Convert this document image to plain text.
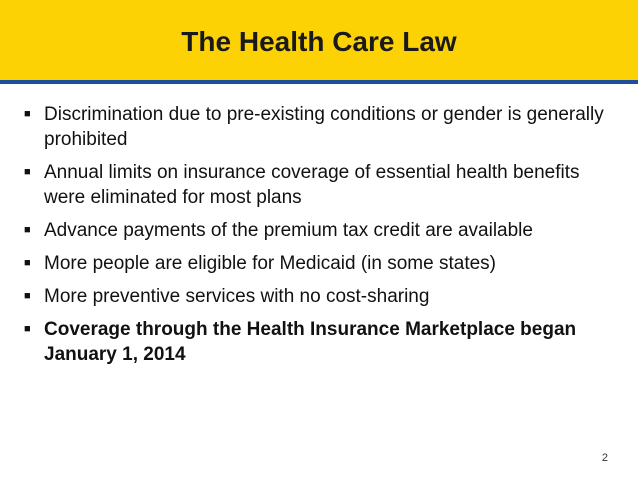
The Health Care Law
■ Discrimination due to pre-existing conditions or gender is generally prohibited
■ Annual limits on insurance coverage of essential health benefits were eliminated for most plans
■ Advance payments of the premium tax credit are available
■ More people are eligible for Medicaid (in some states)
■ More preventive services with no cost-sharing
■ Coverage through the Health Insurance Marketplace began January 1, 2014
2
